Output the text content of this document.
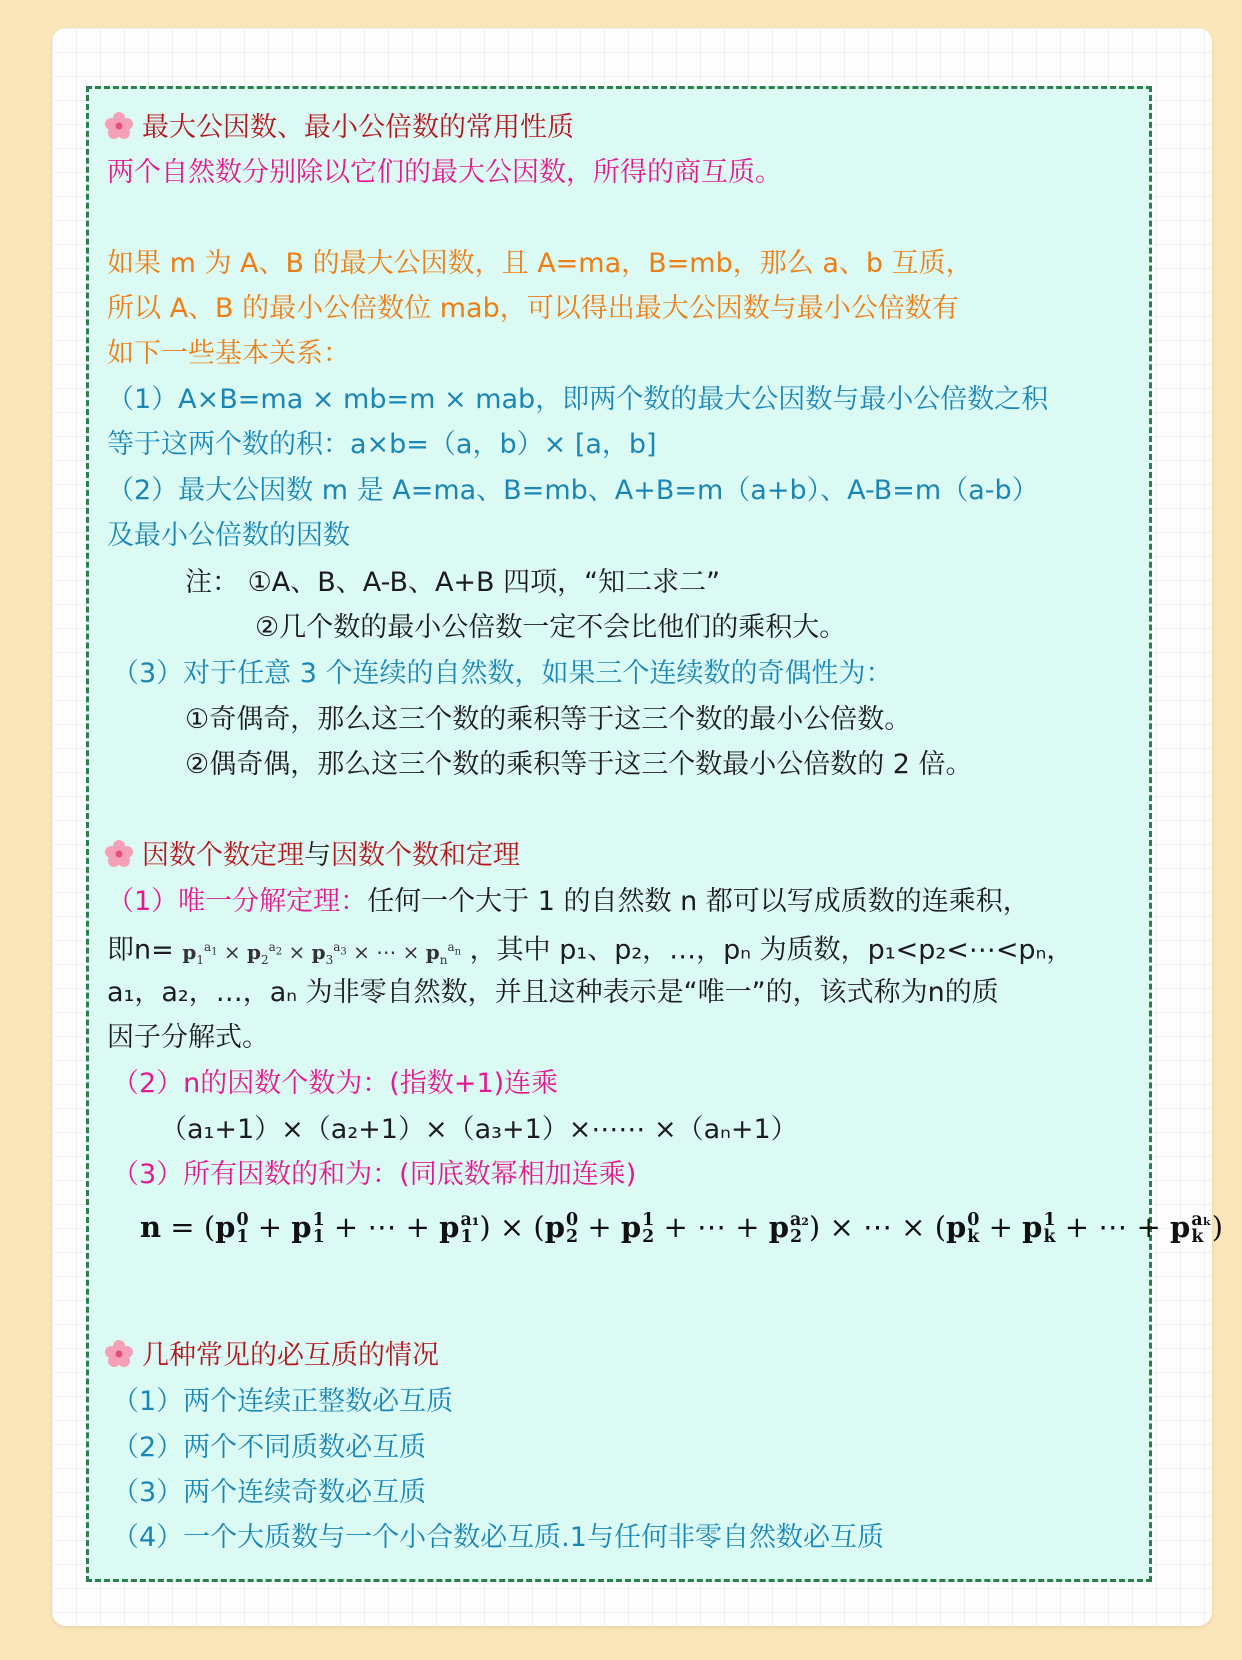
最大公因数、最小公倍数的常用性质
两个自然数分别除以它们的最大公因数，所得的商互质。
如果 m 为 A、B 的最大公因数，且 A=ma，B=mb，那么 a、b 互质，
所以 A、B 的最小公倍数位 mab，可以得出最大公因数与最小公倍数有
如下一些基本关系：
（1）A×B=ma × mb=m × mab，即两个数的最大公因数与最小公倍数之积
等于这两个数的积：a×b=（a，b）× [a，b]
（2）最大公因数 m 是 A=ma、B=mb、A+B=m（a+b）、A-B=m（a-b）
及最小公倍数的因数
注： ①A、B、A-B、A+B 四项，“知二求二”
②几个数的最小公倍数一定不会比他们的乘积大。
（3）对于任意 3 个连续的自然数，如果三个连续数的奇偶性为：
①奇偶奇，那么这三个数的乘积等于这三个数的最小公倍数。
②偶奇偶，那么这三个数的乘积等于这三个数最小公倍数的 2 倍。
因数个数定理与因数个数和定理
（1）唯一分解定理：任何一个大于 1 的自然数 n 都可以写成质数的连乘积，
即$n= p_1^{a_1} \times p_2^{a_2} \times p_3^{a_3}$ × ⋯ × $p_n^{a_n}$ ，其中 p₁、p₂，…，pₙ 为质数，p₁<p₂<⋯<pₙ，
a₁，a₂，…，aₙ 为非零自然数，并且这种表示是“唯一”的，该式称为n的质
因子分解式。
（2）n的因数个数为：(指数+1)连乘
（a₁+1）×（a₂+1）×（a₃+1）×⋯⋯ ×（aₙ+1）
（3）所有因数的和为：(同底数幂相加连乘)
n = (p 0
1 + p 1
1 + ⋯ + p a₁
1 ) × (p 0
2 + p 1
2 + ⋯ + p a₂
2 ) × ⋯ × (p 0
k + p 1
k + ⋯ + p aₖ
k )
几种常见的必互质的情况
（1）两个连续正整数必互质
（2）两个不同质数必互质
（3）两个连续奇数必互质
（4）一个大质数与一个小合数必互质.1与任何非零自然数必互质
